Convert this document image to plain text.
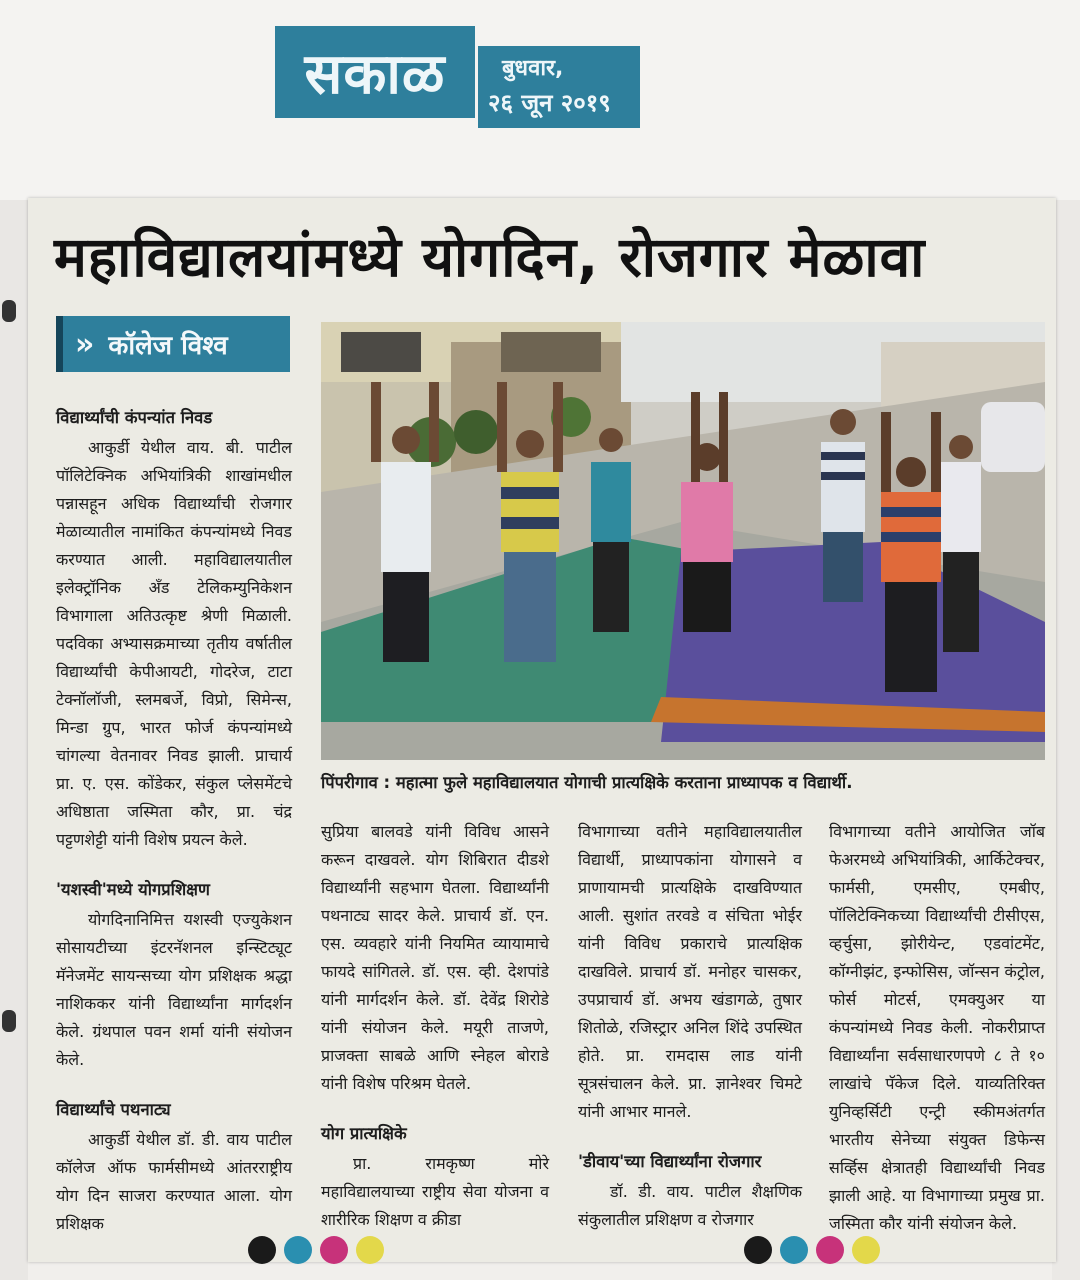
सकाळ	बुधवार,
२६ जून २०१९
महाविद्यालयांमध्ये योगदिन, रोजगार मेळावा
» कॉलेज विश्व
पिंपरीगाव : महात्मा फुले महाविद्यालयात योगाची प्रात्यक्षिके करताना प्राध्यापक व विद्यार्थी.
विद्यार्थ्यांची कंपन्यांत निवड
आकुर्डी येथील वाय. बी. पाटील पॉलिटेक्निक अभियांत्रिकी शाखांमधील पन्नासहून अधिक विद्यार्थ्यांची रोजगार मेळाव्यातील नामांकित कंपन्यांमध्ये निवड करण्यात आली. महाविद्यालयातील इलेक्ट्रॉनिक अँड टेलिकम्युनिकेशन विभागाला अतिउत्कृष्ट श्रेणी मिळाली. पदविका अभ्यासक्रमाच्या तृतीय वर्षातील विद्यार्थ्यांची केपीआयटी, गोदरेज, टाटा टेक्नॉलॉजी, स्लमबर्जे, विप्रो, सिमेन्स, मिन्डा ग्रुप, भारत फोर्ज कंपन्यांमध्ये चांगल्या वेतनावर निवड झाली. प्राचार्य प्रा. ए. एस. कोंडेकर, संकुल प्लेसमेंटचे अधिष्ठाता जस्मिता कौर, प्रा. चंद्र पट्टणशेट्टी यांनी विशेष प्रयत्न केले.
'यशस्वी'मध्ये योगप्रशिक्षण
योगदिनानिमित्त यशस्वी एज्युकेशन सोसायटीच्या इंटरनॅशनल इन्स्टिट्यूट मॅनेजमेंट सायन्सच्या योग प्रशिक्षक श्रद्धा नाशिककर यांनी विद्यार्थ्यांना मार्गदर्शन केले. ग्रंथपाल पवन शर्मा यांनी संयोजन केले.
विद्यार्थ्यांचे पथनाट्य
आकुर्डी येथील डॉ. डी. वाय पाटील कॉलेज ऑफ फार्मसीमध्ये आंतरराष्ट्रीय योग दिन साजरा करण्यात आला. योग प्रशिक्षक
सुप्रिया बालवडे यांनी विविध आसने करून दाखवले. योग शिबिरात दीडशे विद्यार्थ्यांनी सहभाग घेतला. विद्यार्थ्यांनी पथनाट्य सादर केले. प्राचार्य डॉ. एन. एस. व्यवहारे यांनी नियमित व्यायामाचे फायदे सांगितले. डॉ. एस. व्ही. देशपांडे यांनी मार्गदर्शन केले. डॉ. देवेंद्र शिरोडे यांनी संयोजन केले. मयूरी ताजणे, प्राजक्ता साबळे आणि स्नेहल बोराडे यांनी विशेष परिश्रम घेतले.
योग प्रात्यक्षिके
प्रा. रामकृष्ण मोरे महाविद्यालयाच्या राष्ट्रीय सेवा योजना व शारीरिक शिक्षण व क्रीडा
विभागाच्या वतीने महाविद्यालयातील विद्यार्थी, प्राध्यापकांना योगासने व प्राणायामची प्रात्यक्षिके दाखविण्यात आली. सुशांत तरवडे व संचिता भोईर यांनी विविध प्रकाराचे प्रात्यक्षिक दाखविले. प्राचार्य डॉ. मनोहर चासकर, उपप्राचार्य डॉ. अभय खंडागळे, तुषार शितोळे, रजिस्ट्रार अनिल शिंदे उपस्थित होते. प्रा. रामदास लाड यांनी सूत्रसंचालन केले. प्रा. ज्ञानेश्वर चिमटे यांनी आभार मानले.
'डीवाय'च्या विद्यार्थ्यांना रोजगार
डॉ. डी. वाय. पाटील शैक्षणिक संकुलातील प्रशिक्षण व रोजगार
विभागाच्या वतीने आयोजित जॉब फेअरमध्ये अभियांत्रिकी, आर्किटेक्चर, फार्मसी, एमसीए, एमबीए, पॉलिटेक्निकच्या विद्यार्थ्यांची टीसीएस, व्हर्चुसा, झोरीयेन्ट, एडवांटमेंट, कॉग्नीझंट, इन्फोसिस, जॉन्सन कंट्रोल, फोर्स मोटर्स, एमक्युअर या कंपन्यांमध्ये निवड केली. नोकरीप्राप्त विद्यार्थ्यांना सर्वसाधारणपणे ८ ते १० लाखांचे पॅकेज दिले. याव्यतिरिक्त युनिव्हर्सिटी एन्ट्री स्कीमअंतर्गत भारतीय सेनेच्या संयुक्त डिफेन्स सर्व्हिस क्षेत्रातही विद्यार्थ्यांची निवड झाली आहे. या विभागाच्या प्रमुख प्रा. जस्मिता कौर यांनी संयोजन केले.
